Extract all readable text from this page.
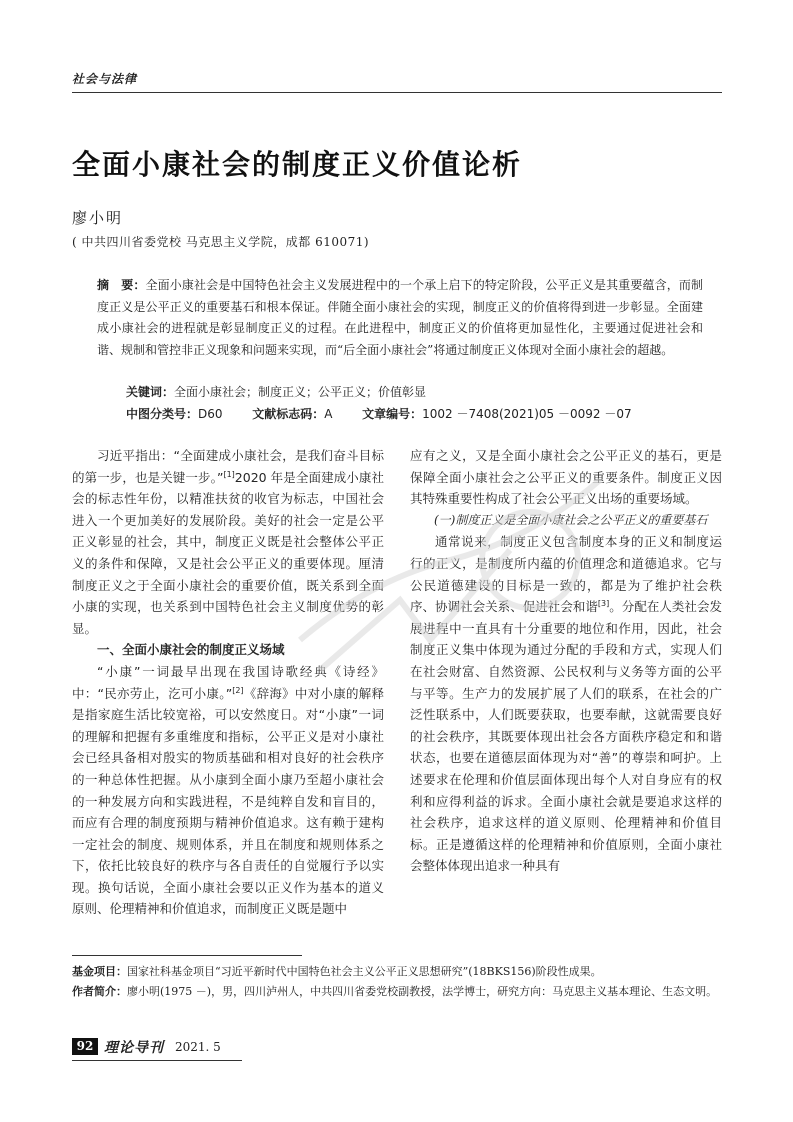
社会与法律
全面小康社会的制度正义价值论析
廖小明
( 中共四川省委党校 马克思主义学院，成都 610071)
摘　要：全面小康社会是中国特色社会主义发展进程中的一个承上启下的特定阶段，公平正义是其重要蕴含，而制度正义是公平正义的重要基石和根本保证。伴随全面小康社会的实现，制度正义的价值将得到进一步彰显。全面建成小康社会的进程就是彰显制度正义的过程。在此进程中，制度正义的价值将更加显性化，主要通过促进社会和谐、规制和管控非正义现象和问题来实现，而“后全面小康社会”将通过制度正义体现对全面小康社会的超越。
关键词：全面小康社会；制度正义；公平正义；价值彰显
中图分类号：D60 文献标志码：A 文章编号：1002 －7408(2021)05 －0092 －07

习近平指出：“全面建成小康社会，是我们奋斗目标的第一步，也是关键一步。”[1]2020 年是全面建成小康社会的标志性年份，以精准扶贫的收官为标志，中国社会进入一个更加美好的发展阶段。美好的社会一定是公平正义彰显的社会，其中，制度正义既是社会整体公平正义的条件和保障，又是社会公平正义的重要体现。厘清制度正义之于全面小康社会的重要价值，既关系到全面小康的实现，也关系到中国特色社会主义制度优势的彰显。

一、全面小康社会的制度正义场域

“小康”一词最早出现在我国诗歌经典《诗经》中：“民亦劳止，汔可小康。”[2]《辞海》中对小康的解释是指家庭生活比较宽裕，可以安然度日。对“小康”一词的理解和把握有多重维度和指标，公平正义是对小康社会已经具备相对殷实的物质基础和相对良好的社会秩序的一种总体性把握。从小康到全面小康乃至超小康社会的一种发展方向和实践进程，不是纯粹自发和盲目的，而应有合理的制度预期与精神价值追求。这有赖于建构一定社会的制度、规则体系，并且在制度和规则体系之下，依托比较良好的秩序与各自责任的自觉履行予以实现。换句话说，全面小康社会要以正义作为基本的道义原则、伦理精神和价值追求，而制度正义既是题中

应有之义，又是全面小康社会之公平正义的基石，更是保障全面小康社会之公平正义的重要条件。制度正义因其特殊重要性构成了社会公平正义出场的重要场域。

(一)制度正义是全面小康社会之公平正义的重要基石

通常说来，制度正义包含制度本身的正义和制度运行的正义，是制度所内蕴的价值理念和道德追求。它与公民道德建设的目标是一致的，都是为了维护社会秩序、协调社会关系、促进社会和谐[3]。分配在人类社会发展进程中一直具有十分重要的地位和作用，因此，社会制度正义集中体现为通过分配的手段和方式，实现人们在社会财富、自然资源、公民权利与义务等方面的公平与平等。生产力的发展扩展了人们的联系，在社会的广泛性联系中，人们既要获取，也要奉献，这就需要良好的社会秩序，其既要体现出社会各方面秩序稳定和和谐状态，也要在道德层面体现为对“善”的尊崇和呵护。上述要求在伦理和价值层面体现出每个人对自身应有的权利和应得利益的诉求。全面小康社会就是要追求这样的社会秩序，追求这样的道义原则、伦理精神和价值目标。正是遵循这样的伦理精神和价值原则，全面小康社会整体体现出追求一种具有

基金项目：国家社科基金项目“习近平新时代中国特色社会主义公平正义思想研究”(18BKS156)阶段性成果。
作者简介：廖小明(1975 －)，男，四川泸州人，中共四川省委党校副教授，法学博士，研究方向：马克思主义基本理论、生态文明。
92 理论导刊 2021. 5
